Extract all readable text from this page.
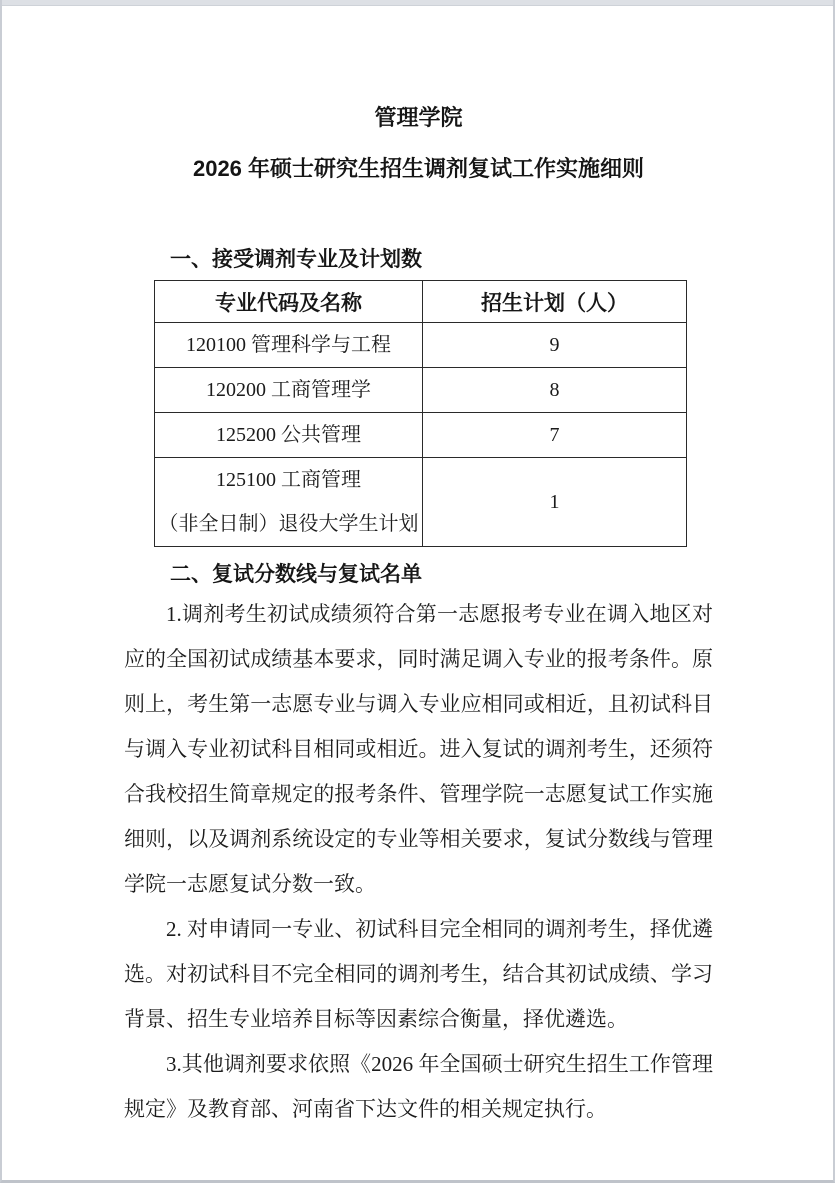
管理学院
2026 年硕士研究生招生调剂复试工作实施细则
一、接受调剂专业及计划数
专业代码及名称	招生计划（人）

120100 管理科学与工程	9

120200 工商管理学	8

125200 公共管理	7

125100 工商管理
（非全日制）退役大学生计划	1
二、复试分数线与复试名单

1.调剂考生初试成绩须符合第一志愿报考专业在调入地区对应的全国初试成绩基本要求，同时满足调入专业的报考条件。原则上，考生第一志愿专业与调入专业应相同或相近，且初试科目与调入专业初试科目相同或相近。进入复试的调剂考生，还须符合我校招生简章规定的报考条件、管理学院一志愿复试工作实施细则，以及调剂系统设定的专业等相关要求，复试分数线与管理学院一志愿复试分数一致。

2. 对申请同一专业、初试科目完全相同的调剂考生，择优遴选。对初试科目不完全相同的调剂考生，结合其初试成绩、学习背景、招生专业培养目标等因素综合衡量，择优遴选。

3.其他调剂要求依照《2026 年全国硕士研究生招生工作管理规定》及教育部、河南省下达文件的相关规定执行。
